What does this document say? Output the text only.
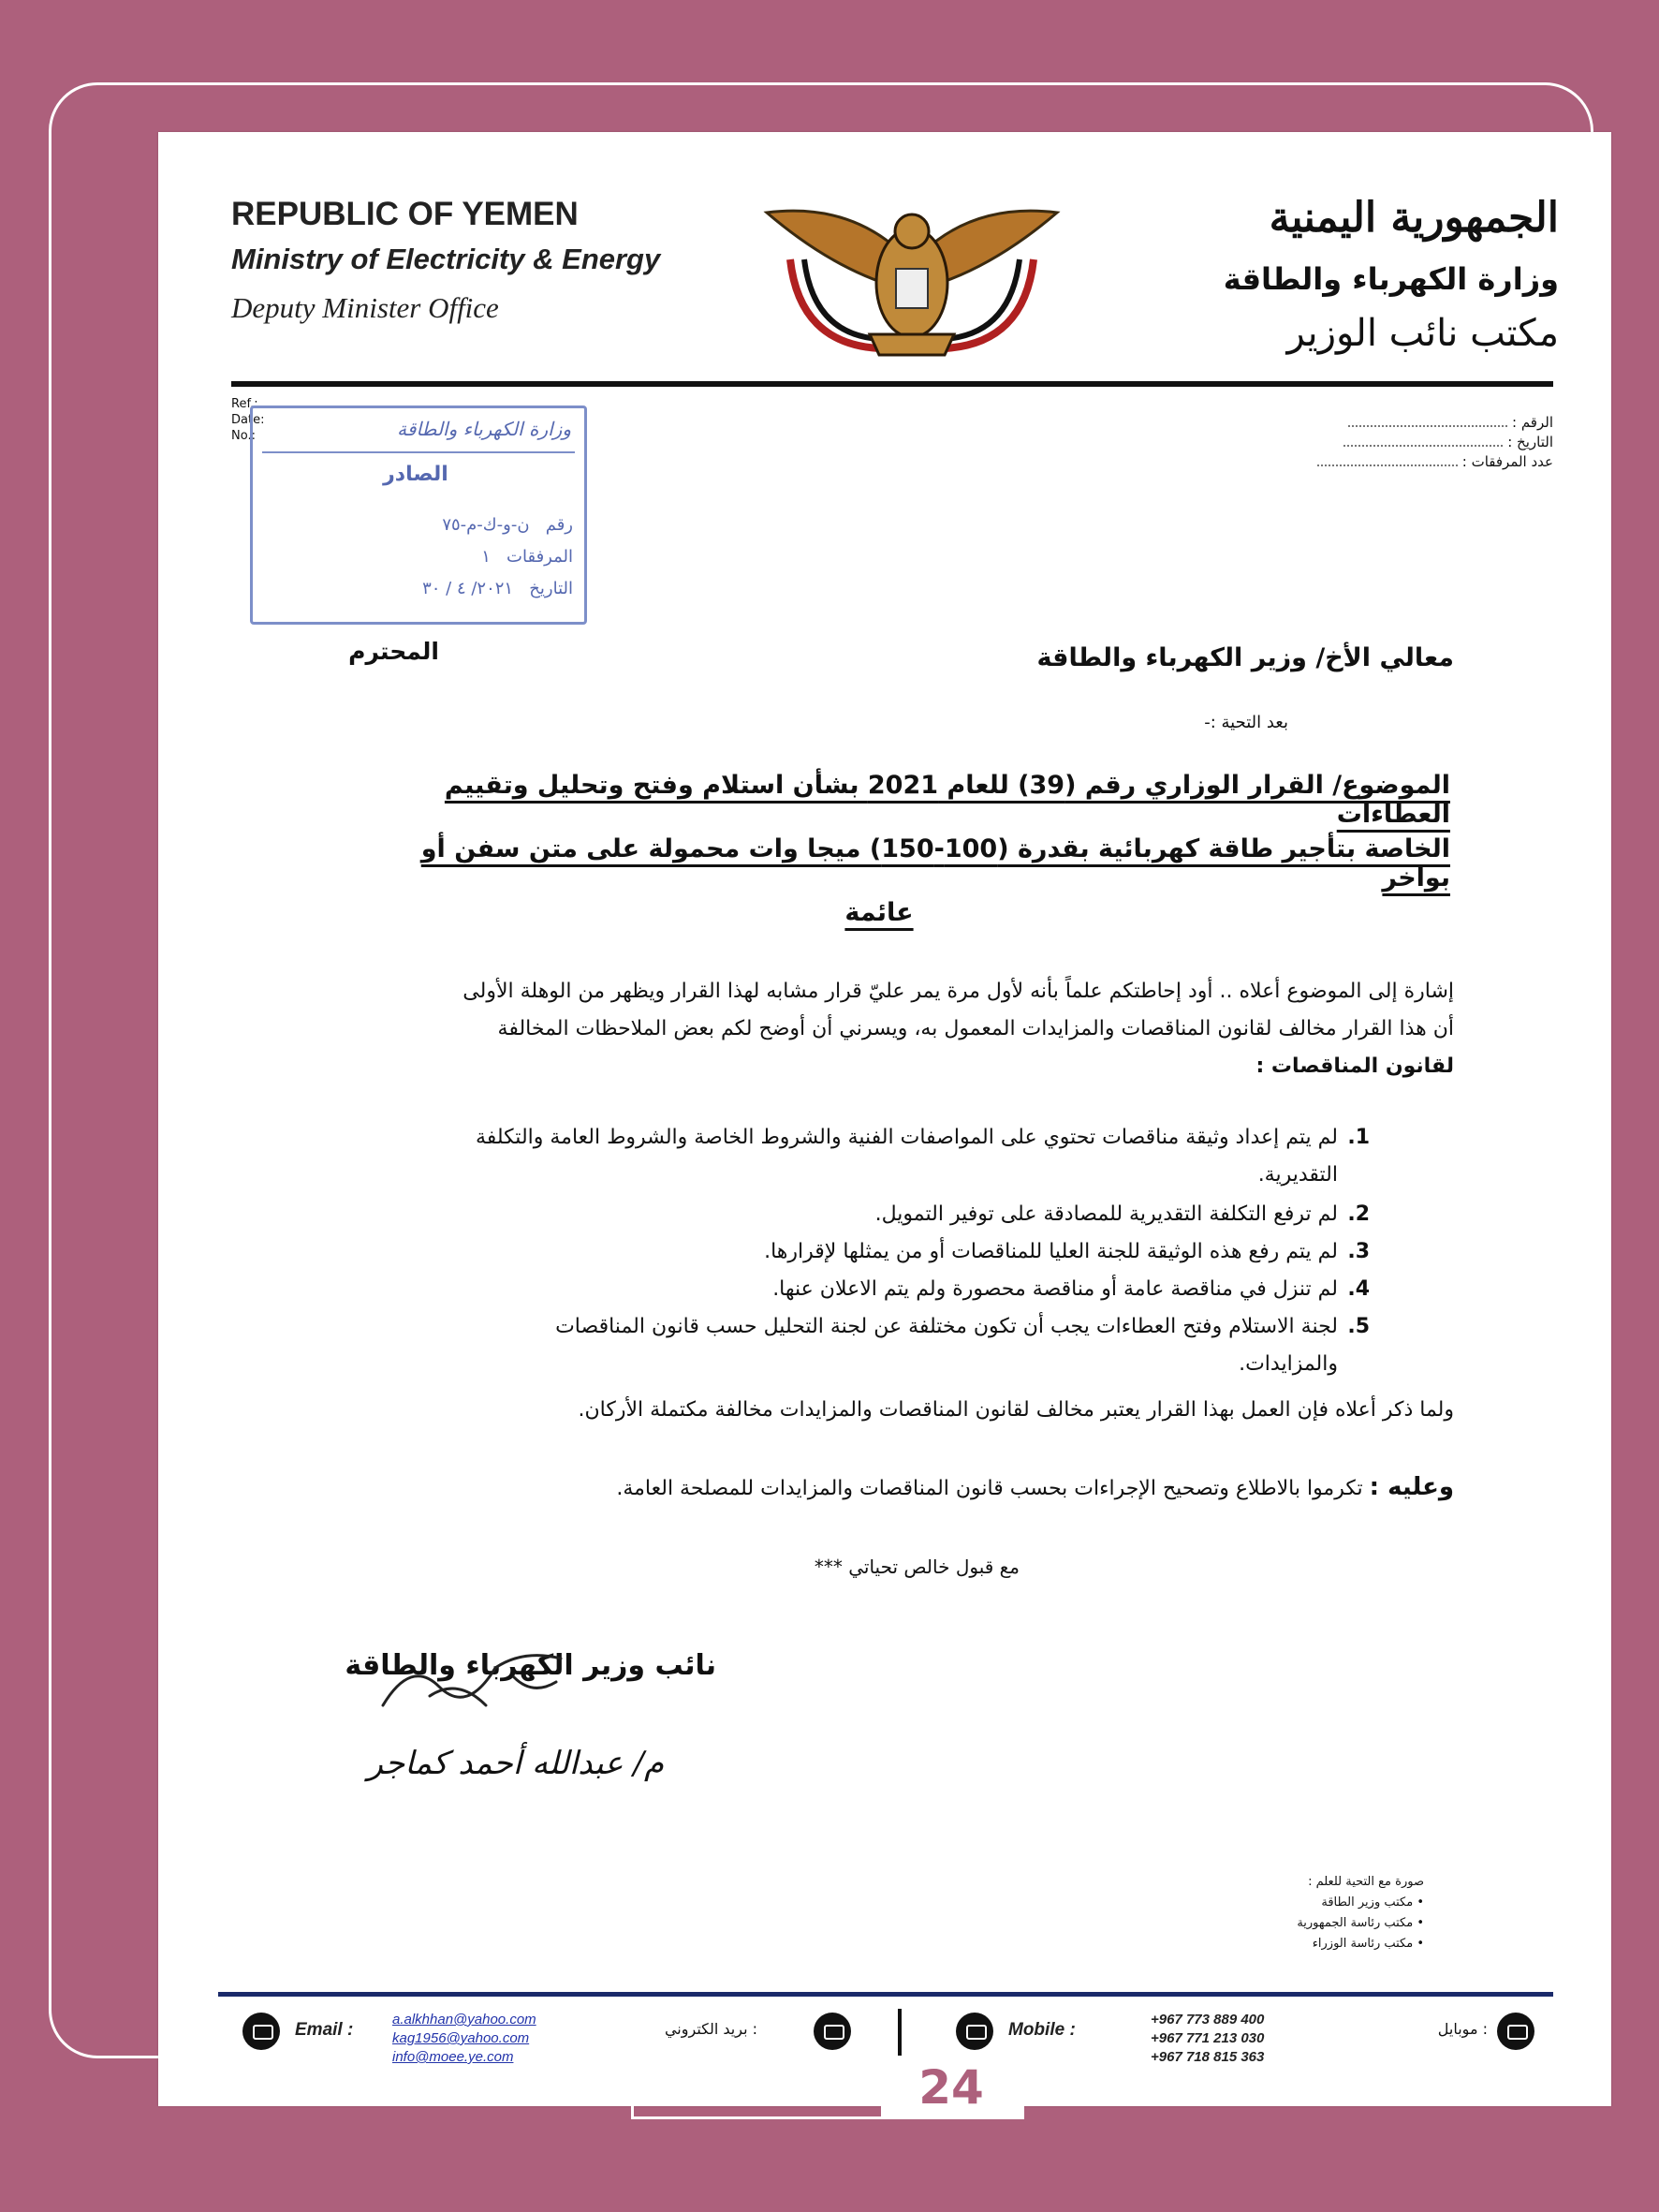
REPUBLIC OF YEMEN
Ministry of Electricity & Energy
Deputy Minister Office
الجمهورية اليمنية
وزارة الكهرباء والطاقة
مكتب نائب الوزير
Ref.:
Date:
No.:
الرقم :
التاريخ :
عدد المرفقات :
وزارة الكهرباء والطاقة
الصادر
رقم   ن-و-ك-م-٧٥
المرفقات   ١
التاريخ   ٢٠٢١/ ٤ / ٣٠
معالي الأخ/ وزير الكهرباء والطاقة
المحترم
بعد التحية :-
الموضوع/ القرار الوزاري رقم (39) للعام 2021 بشأن استلام وفتح وتحليل وتقييم العطاءات
الخاصة بتأجير طاقة كهربائية بقدرة (100-150) ميجا وات محمولة على متن سفن أو بواخر
عائمة
إشارة إلى الموضوع أعلاه .. أود إحاطتكم علماً بأنه لأول مرة يمر عليّ قرار مشابه لهذا القرار ويظهر من الوهلة الأولى
أن هذا القرار مخالف لقانون المناقصات والمزايدات المعمول به، ويسرني أن أوضح لكم بعض الملاحظات المخالفة
لقانون المناقصات :
1.لم يتم إعداد وثيقة مناقصات تحتوي على المواصفات الفنية والشروط الخاصة والشروط العامة والتكلفة
التقديرية.
2.لم ترفع التكلفة التقديرية للمصادقة على توفير التمويل.
3.لم يتم رفع هذه الوثيقة للجنة العليا للمناقصات أو من يمثلها لإقرارها.
4.لم تنزل في مناقصة عامة أو مناقصة محصورة ولم يتم الاعلان عنها.
5.لجنة الاستلام وفتح العطاءات يجب أن تكون مختلفة عن لجنة التحليل حسب قانون المناقصات
والمزايدات.
ولما ذكر أعلاه فإن العمل بهذا القرار يعتبر مخالف لقانون المناقصات والمزايدات مخالفة مكتملة الأركان.
وعليه : تكرموا بالاطلاع وتصحيح الإجراءات بحسب قانون المناقصات والمزايدات للمصلحة العامة.
مع قبول خالص تحياتي ***
نائب وزير الكهرباء والطاقة
م/ عبدالله أحمد كماجر
صورة مع التحية للعلم :
• مكتب وزير الطاقة
• مكتب رئاسة الجمهورية
• مكتب رئاسة الوزراء
Email :
a.alkhhan@yahoo.com
kag1956@yahoo.com
info@moee.ye.com
: بريد الكتروني	Mobile :
+967 773 889 400
+967 771 213 030
+967 718 815 363
: موبايل
SOUTH	24
